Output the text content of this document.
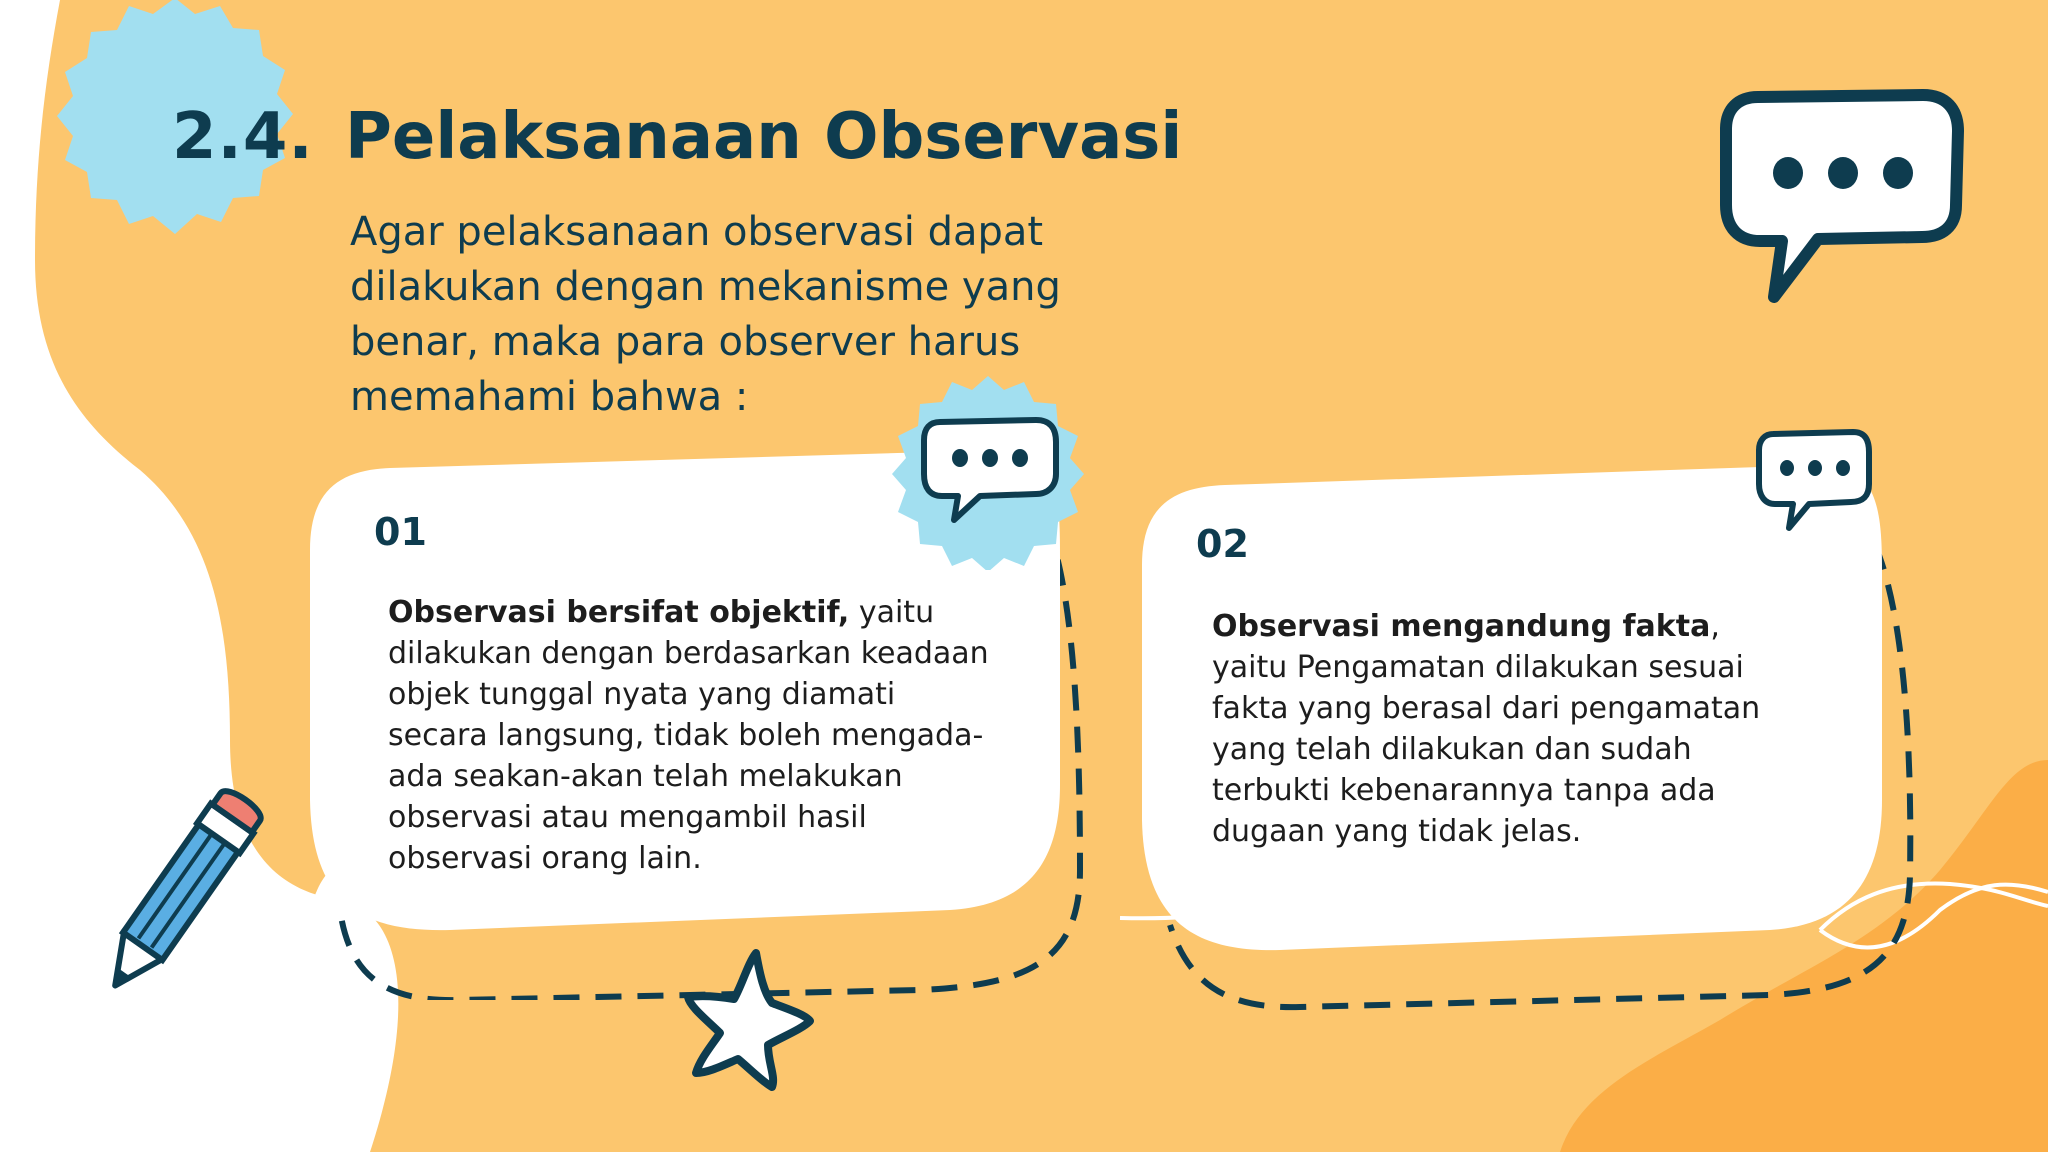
2.4. Pelaksanaan Observasi

Agar pelaksanaan observasi dapat dilakukan dengan mekanisme yang benar, maka para observer harus memahami bahwa :

01

Observasi bersifat objektif, yaitu dilakukan dengan berdasarkan keadaan objek tunggal nyata yang diamati secara langsung, tidak boleh mengada-ada seakan-akan telah melakukan observasi atau mengambil hasil observasi orang lain.

02

Observasi mengandung fakta, yaitu Pengamatan dilakukan sesuai fakta yang berasal dari pengamatan yang telah dilakukan dan sudah terbukti kebenarannya tanpa ada dugaan yang tidak jelas.
